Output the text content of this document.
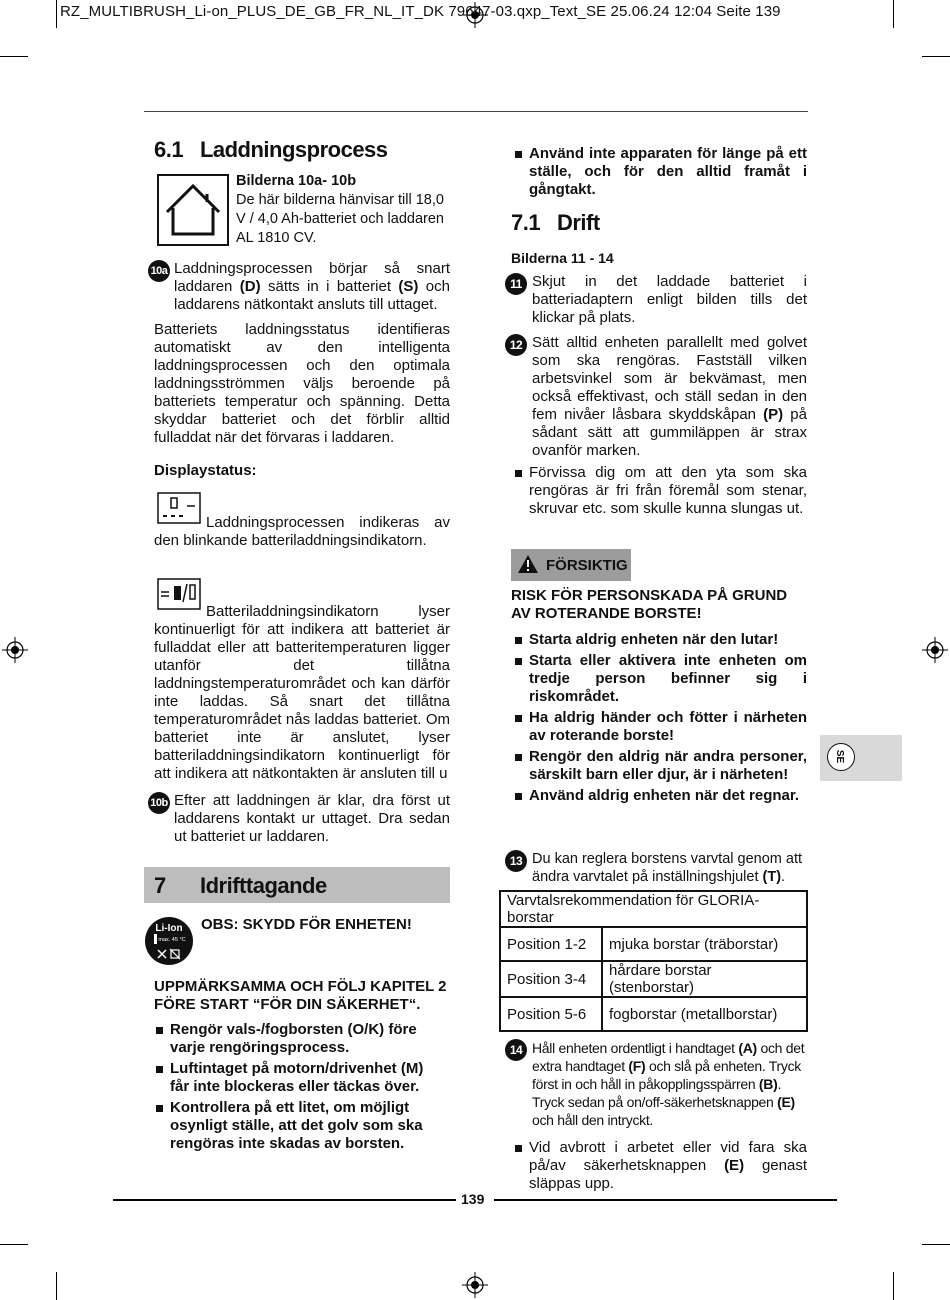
RZ_MULTIBRUSH_Li-on_PLUS_DE_GB_FR_NL_IT_DK 79647-03.qxp_Text_SE 25.06.24 12:04 Seite 139
6.1 Laddningsprocess
Bilderna 10a- 10b
De här bilderna hänvisar till 18,0 V / 4,0 Ah-batteriet och laddaren AL 1810 CV.
10a Laddningsprocessen börjar så snart laddaren (D) sätts in i batteriet (S) och laddarens nätkontakt ansluts till uttaget.
Batteriets laddningsstatus identifieras automatiskt av den intelligenta laddningsprocessen och den optimala laddningsströmmen väljs beroende på batteriets temperatur och spänning. Detta skyddar batteriet och det förblir alltid fulladdat när det förvaras i laddaren.
Displaystatus:
Laddningsprocessen indikeras av den blinkande batteriladdningsindikatorn.
Batteriladdningsindikatorn lyser kontinuerligt för att indikera att batteriet är fulladdat eller att batteritemperaturen ligger utanför det tillåtna laddningstemperaturområdet och kan därför inte laddas. Så snart det tillåtna temperaturområdet nås laddas batteriet. Om batteriet inte är anslutet, lyser batteriladdningsindikatorn kontinuerligt för att indikera att nätkontakten är ansluten till u
10b Efter att laddningen är klar, dra först ut laddarens kontakt ur uttaget. Dra sedan ut batteriet ur laddaren.
7 Idrifttagande
Li-Ion
max. 45 °C
OBS: SKYDD FÖR ENHETEN!
UPPMÄRKSAMMA OCH FÖLJ KAPITEL 2 FÖRE START “FÖR DIN SÄKERHET“.
Rengör vals-/fogborsten (O/K) före varje rengöringsprocess.
Luftintaget på motorn/drivenhet (M) får inte blockeras eller täckas över.
Kontrollera på ett litet, om möjligt osynligt ställe, att det golv som ska rengöras inte skadas av borsten.
Använd inte apparaten för länge på ett ställe, och för den alltid framåt i gångtakt.
7.1 Drift
Bilderna 11 - 14
11 Skjut in det laddade batteriet i batteriadaptern enligt bilden tills det klickar på plats.
12 Sätt alltid enheten parallellt med golvet som ska rengöras. Fastställ vilken arbetsvinkel som är bekvämast, men också effektivast, och ställ sedan in den fem nivåer låsbara skyddskåpan (P) på sådant sätt att gummiläppen är strax ovanför marken.
Förvissa dig om att den yta som ska rengöras är fri från föremål som stenar, skruvar etc. som skulle kunna slungas ut.
FÖRSIKTIG
RISK FÖR PERSONSKADA PÅ GRUND AV ROTERANDE BORSTE!
Starta aldrig enheten när den lutar!
Starta eller aktivera inte enheten om tredje person befinner sig i riskområdet.
Ha aldrig händer och fötter i närheten av roterande borste!
Rengör den aldrig när andra personer, särskilt barn eller djur, är i närheten!
Använd aldrig enheten när det regnar.
13 Du kan reglera borstens varvtal genom att ändra varvtalet på inställningshjulet (T).
Varvtalsrekommendation för GLORIA-borstar	
Position 1-2	mjuka borstar (träborstar)
Position 3-4	hårdare borstar (stenborstar)
Position 5-6	fogborstar (metallborstar)
14 Håll enheten ordentligt i handtaget (A) och det extra handtaget (F) och slå på enheten. Tryck först in och håll in påkopplingsspärren (B). Tryck sedan på on/off-säkerhetsknappen (E) och håll den intryckt.
Vid avbrott i arbetet eller vid fara ska på/av säkerhetsknappen (E) genast släppas upp.
SE
139
